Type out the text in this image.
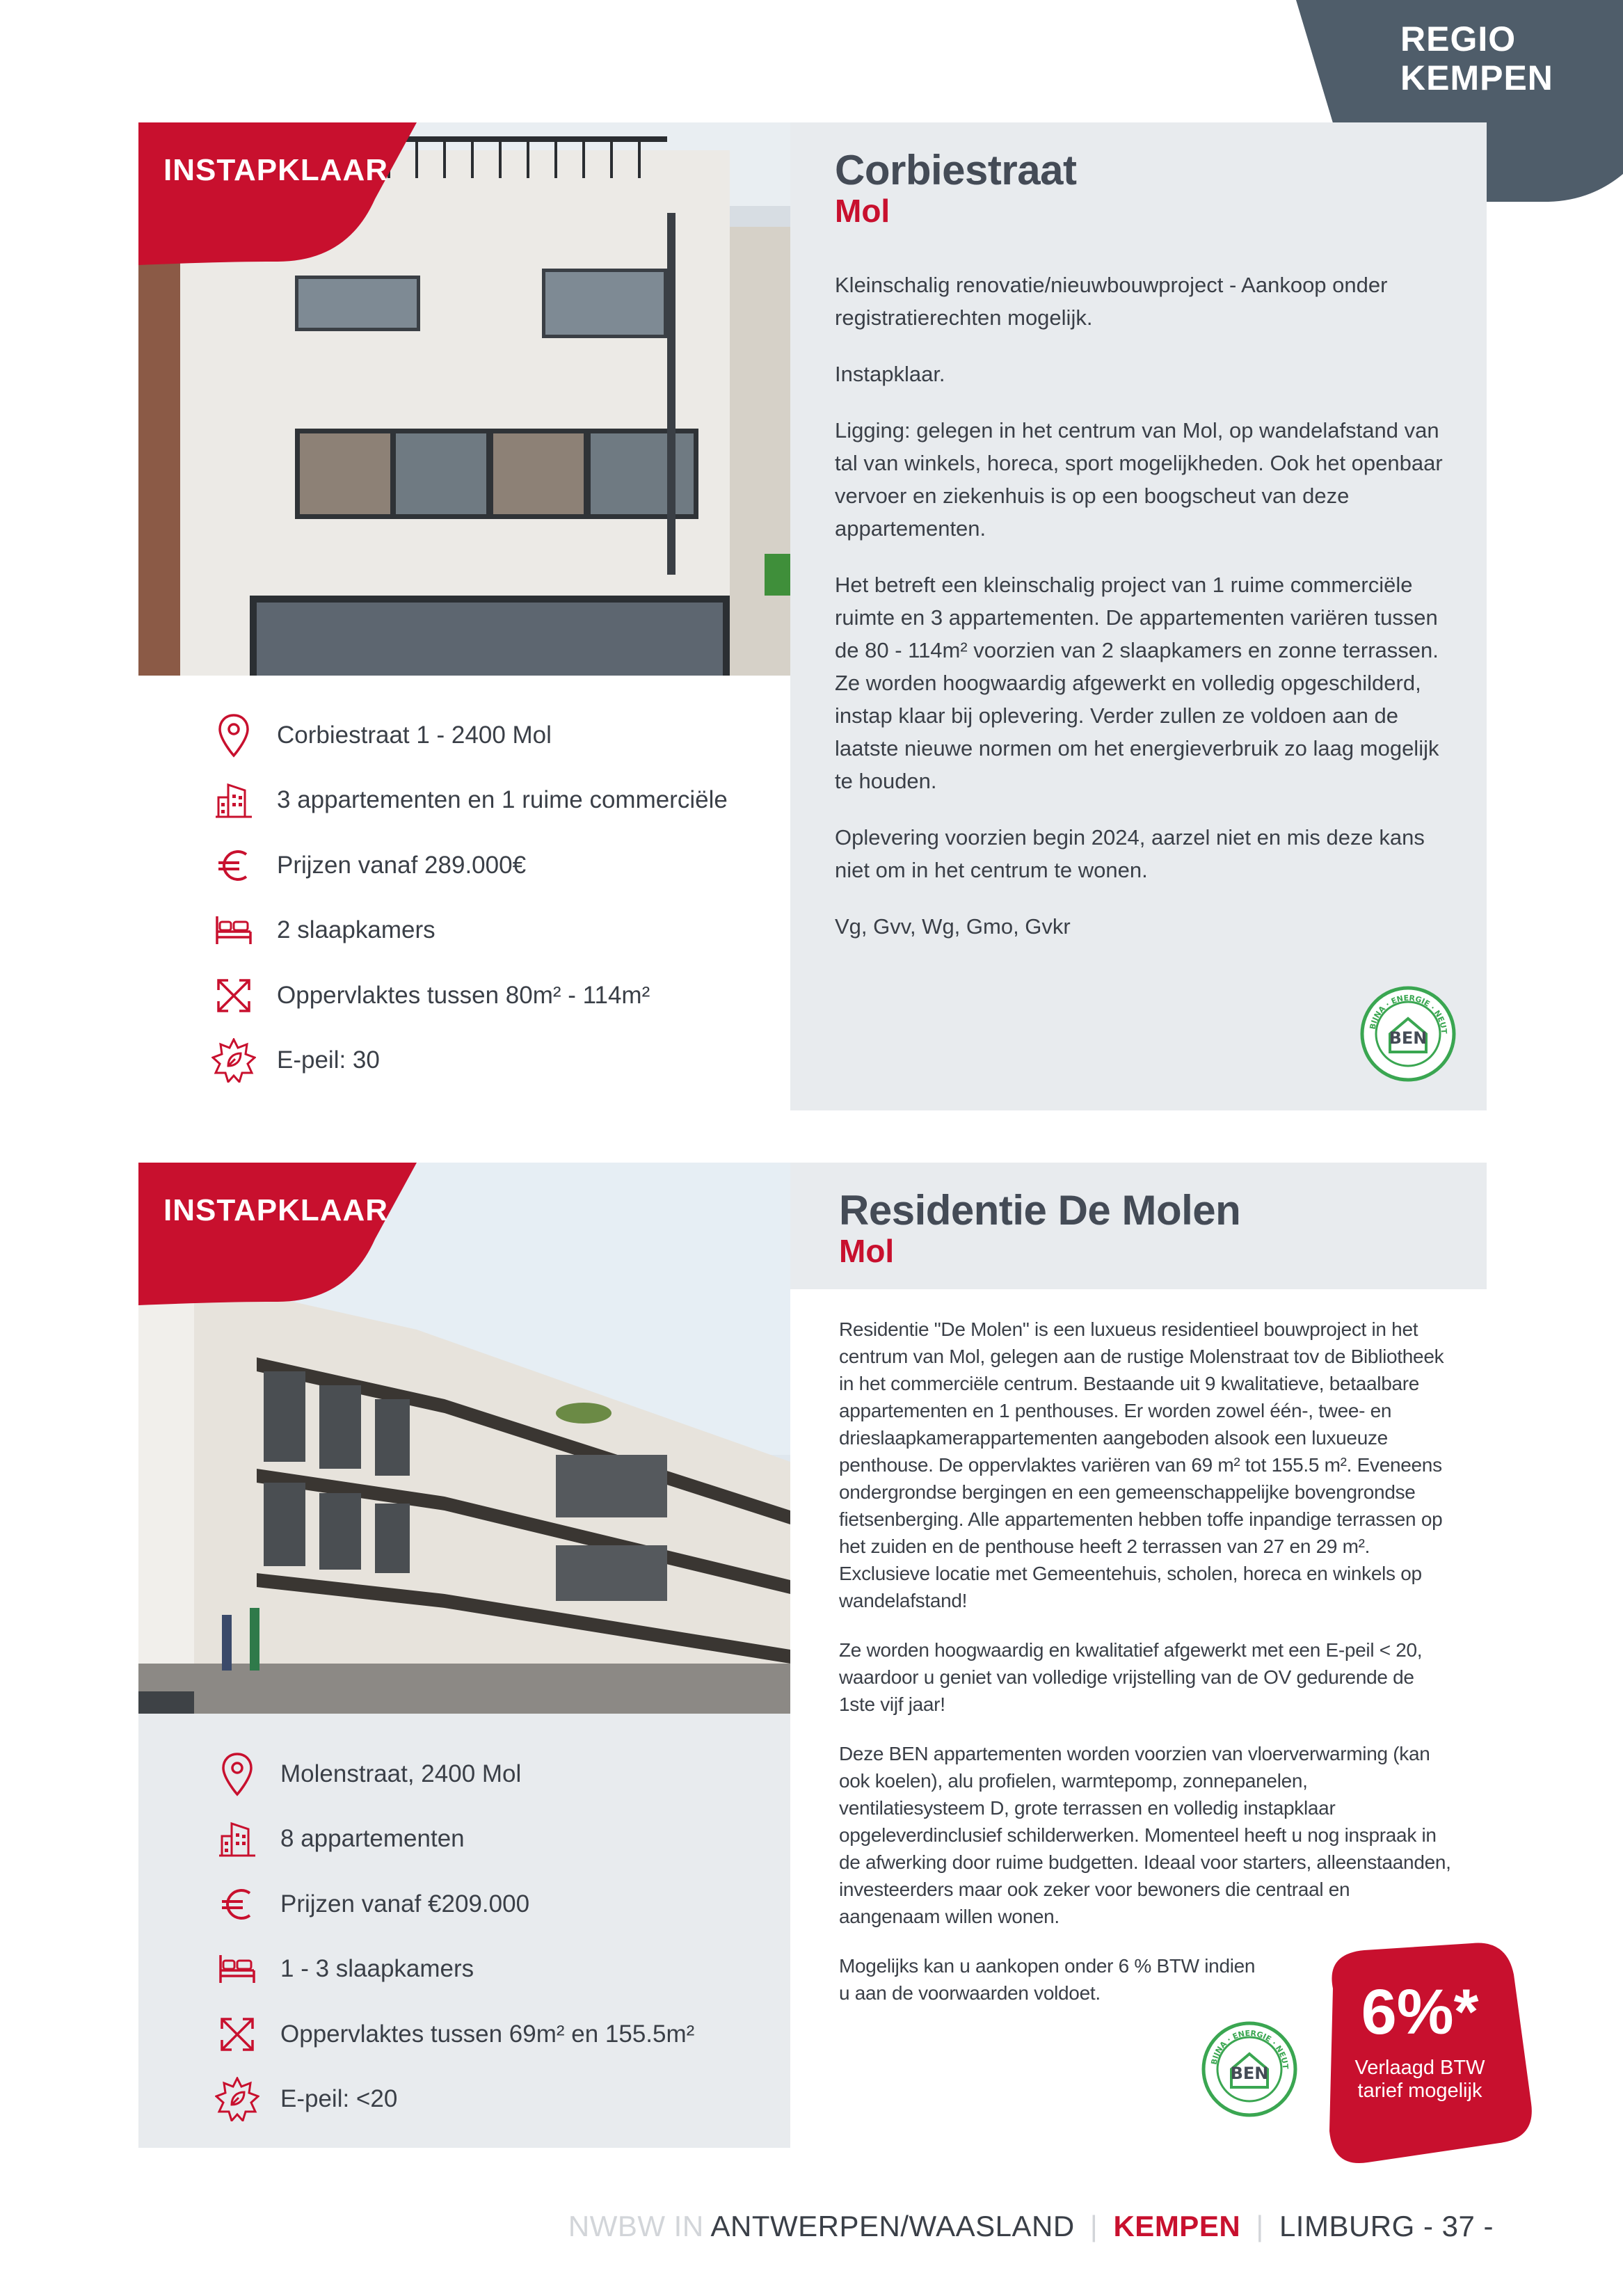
REGIO
KEMPEN
INSTAPKLAAR
Corbiestraat 1 - 2400 Mol
3 appartementen en 1 ruime commerciële
Prijzen vanaf 289.000€
2 slaapkamers
Oppervlaktes tussen 80m² - 114m²
E-peil: 30
Corbiestraat
Mol

Kleinschalig renovatie/nieuwbouwproject - Aankoop onder registratierechten mogelijk.

Instapklaar.

Ligging: gelegen in het centrum van Mol, op wandelafstand van tal van winkels, horeca, sport mogelijkheden. Ook het openbaar vervoer en ziekenhuis is op een boogscheut van deze appartementen.

Het betreft een kleinschalig project van 1 ruime commerciële ruimte en 3 appartementen. De appartementen variëren tussen de 80 - 114m² voorzien van 2 slaapkamers en zonne terrassen. Ze worden hoogwaardig afgewerkt en volledig opgeschilderd, instap klaar bij oplevering. Verder zullen ze voldoen aan de laatste nieuwe normen om het energieverbruik zo laag mogelijk te houden.

Oplevering voorzien begin 2024, aarzel niet en mis deze kans niet om in het centrum te wonen.

Vg, Gvv, Wg, Gmo, Gvkr

BIJNA · ENERGIE · NEUT
BEN
INSTAPKLAAR
Molenstraat, 2400 Mol
8 appartementen
Prijzen vanaf €209.000
1 - 3 slaapkamers
Oppervlaktes tussen 69m² en 155.5m²
E-peil: <20
Residentie De Molen
Mol

Residentie "De Molen" is een luxueus residentieel bouwproject in het centrum van Mol, gelegen aan de rustige Molenstraat tov de Bibliotheek in het commerciële centrum. Bestaande uit 9 kwalitatieve, betaalbare appartementen en 1 penthouses. Er worden zowel één-, twee- en drieslaapkamerappartementen aangeboden alsook een luxueuze penthouse. De oppervlaktes variëren van 69 m² tot 155.5 m². Eveneens ondergrondse bergingen en een gemeenschappelijke bovengrondse fietsenberging. Alle appartementen hebben toffe inpandige terrassen op het zuiden en de penthouse heeft 2 terrassen van 27 en 29 m². Exclusieve locatie met Gemeentehuis, scholen, horeca en winkels op wandelafstand!

Ze worden hoogwaardig en kwalitatief afgewerkt met een E-peil < 20, waardoor u geniet van volledige vrijstelling van de OV gedurende de 1ste vijf jaar!

Deze BEN appartementen worden voorzien van vloerverwarming (kan ook koelen), alu profielen, warmtepomp, zonnepanelen, ventilatiesysteem D, grote terrassen en volledig instapklaar opgeleverdinclusief schilderwerken. Momenteel heeft u nog inspraak in de afwerking door ruime budgetten. Ideaal voor starters, alleenstaanden, investeerders maar ook zeker voor bewoners die centraal en aangenaam willen wonen.

Mogelijks kan u aankopen onder 6 % BTW indien u aan de voorwaarden voldoet.

BIJNA · ENERGIE · NEUT
BEN
6%*
Verlaagd BTW
tarief mogelijk
NWBW IN ANTWERPEN/WAASLAND | KEMPEN | LIMBURG - 37 -
